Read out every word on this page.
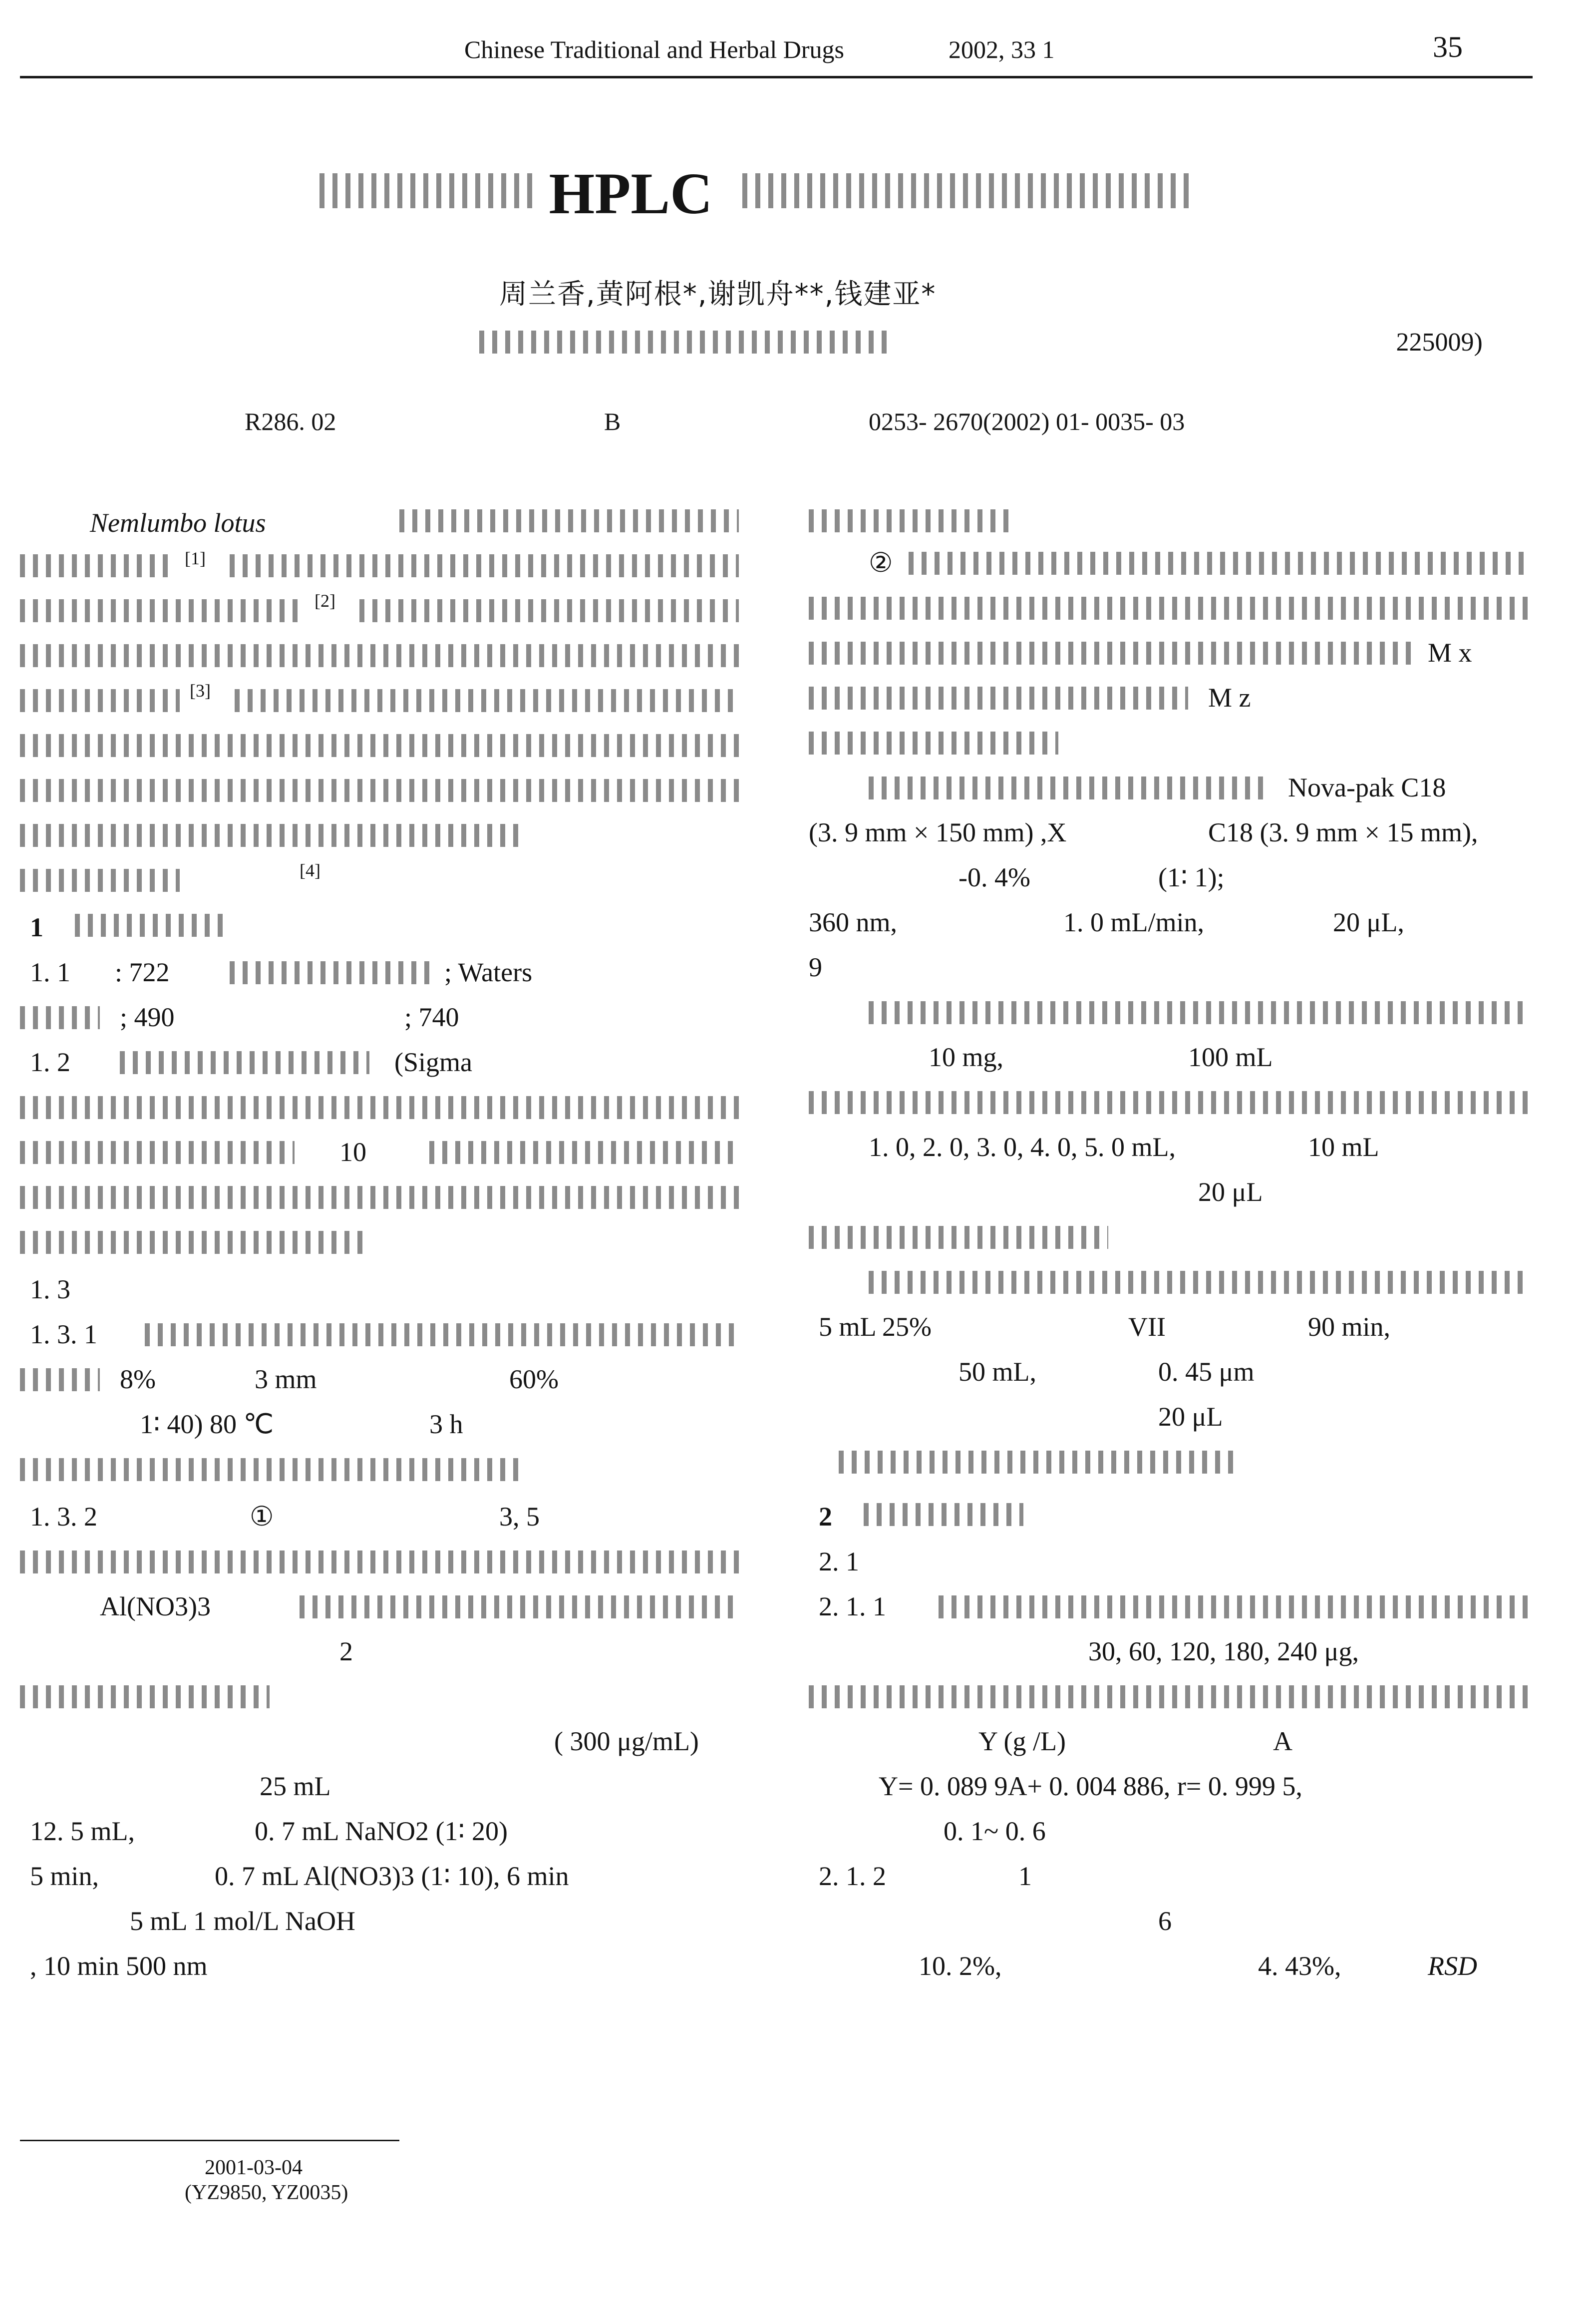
Chinese Traditional and Herbal Drugs	2002, 33 1	35
HPLC
周兰香,黄阿根*,谢凯舟**,钱建亚*
225009)
R286. 02	B	0253- 2670(2002) 01- 0035- 03
Nemlumbo lotus
[1]
[2]
[3]
[4]
1
1. 1 : 722	; Waters
; 490	; 740
1. 2	(Sigma
10
1. 3
1. 3. 1
8%	3 mm	60%
1∶ 40) 80 ℃	3 h
1. 3. 2	①	3, 5
Al(NO3)3
2
( 300 μg/mL)
25 mL
12. 5 mL,	0. 7 mL NaNO2 (1∶ 20)
5 min,	0. 7 mL Al(NO3)3 (1∶ 10), 6 min
5 mL 1 mol/L NaOH
, 10 min 500 nm
②
M x
M z
Nova-pak C18
(3. 9 mm × 150 mm) ,X	C18 (3. 9 mm × 15 mm),
-0. 4%	(1∶ 1);
360 nm,	1. 0 mL/min,	20 μL,
9
10 mg,	100 mL
1. 0, 2. 0, 3. 0, 4. 0, 5. 0 mL,	10 mL
20 μL
5 mL 25%	VII	90 min,
50 mL,	0. 45 μm
20 μL
2
2. 1
2. 1. 1
30, 60, 120, 180, 240 μg,
Y (g /L)	A
Y= 0. 089 9A+ 0. 004 886, r= 0. 999 5,
0. 1~ 0. 6
2. 1. 2	1
6
10. 2%,	4. 43%,	RSD
2001-03-04
(YZ9850, YZ0035)
